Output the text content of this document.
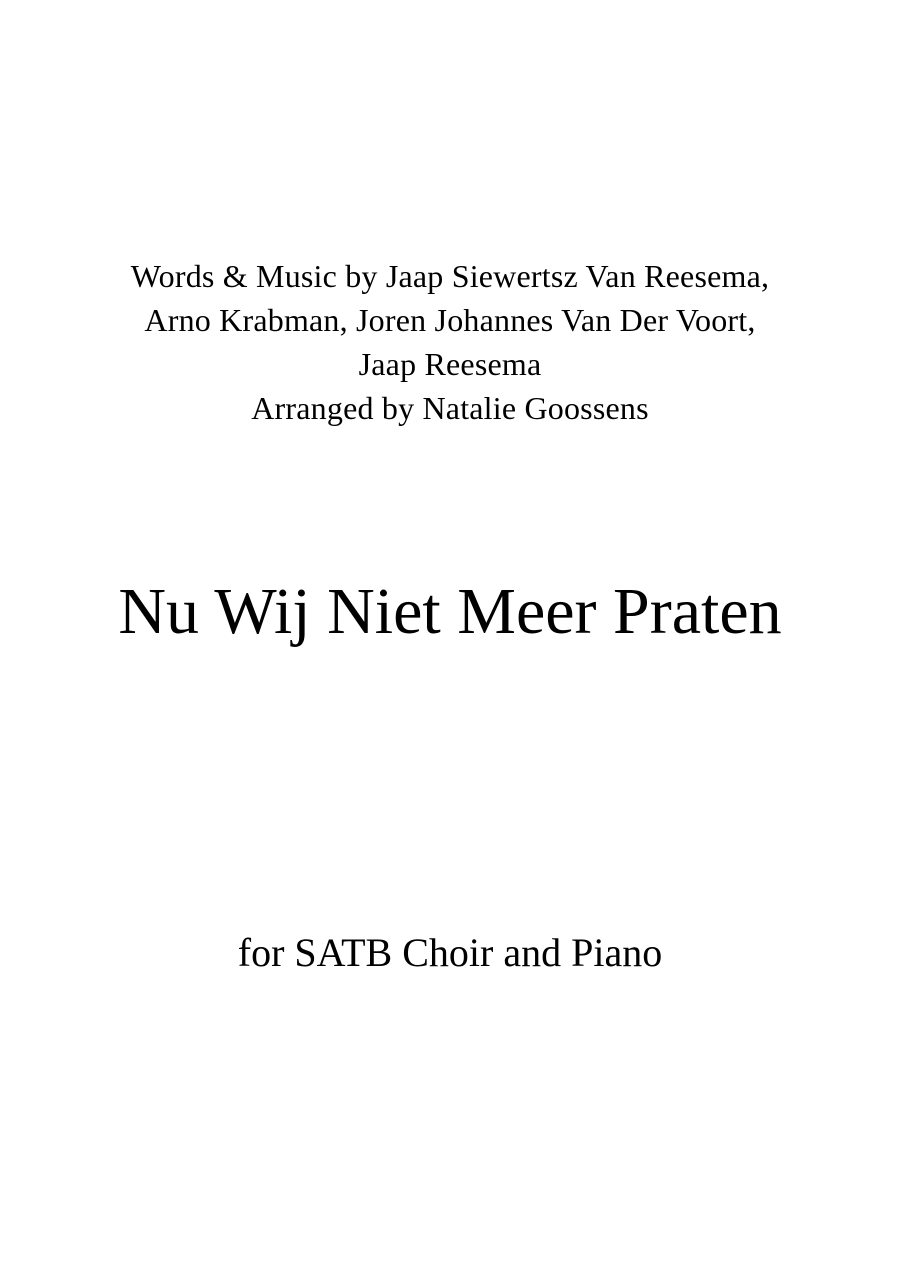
Words & Music by Jaap Siewertsz Van Reesema,
Arno Krabman, Joren Johannes Van Der Voort,
Jaap Reesema
Arranged by Natalie Goossens
Nu Wij Niet Meer Praten
for SATB Choir and Piano
